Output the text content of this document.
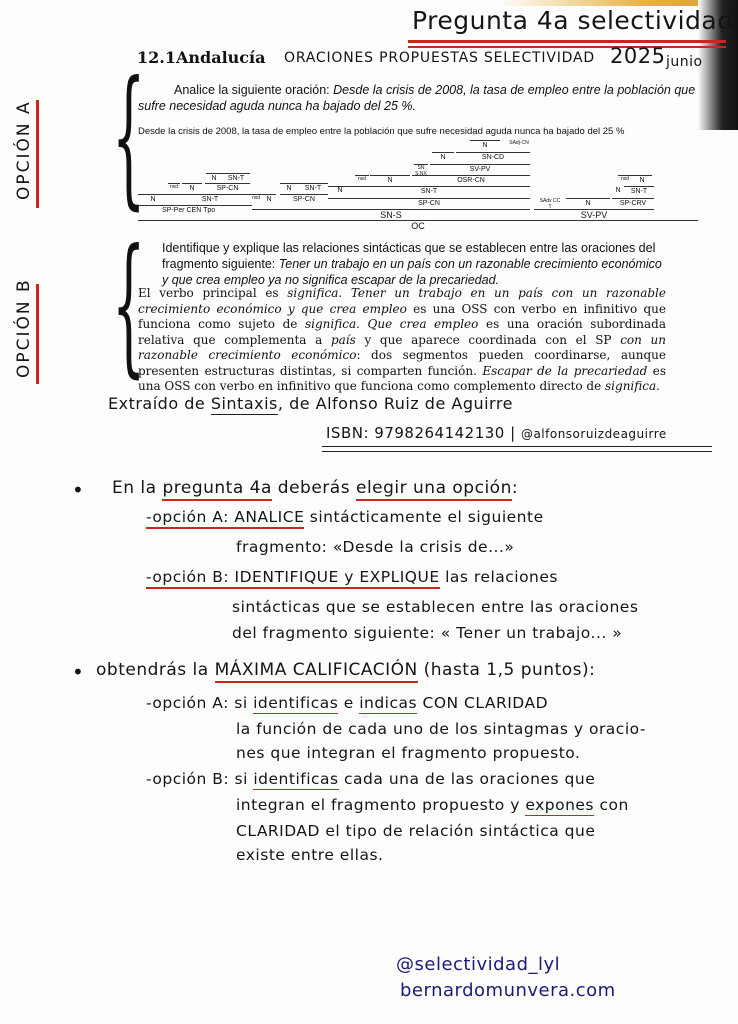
Pregunta 4a selectividad
12.1Andalucía ORACIONES PROPUESTAS SELECTIVIDAD 2025 junio
OPCIÓN A
OPCIÓN B
{
{
Analice la siguiente oración: Desde la crisis de 2008, la tasa de empleo entre la población que sufre necesidad aguda nunca ha bajado del 25 %.
Desde la crisis de 2008, la tasa de empleo entre la población que sufre necesidad aguda nunca ha bajado del 25 %
N	SN-T
nxd	N	SP-CN
N	SN-T
SP-Per CEN Tpo
N	SN-T	N
nxd N	SP-CN
N	SAdj-CN
N	SN-CD
SN S.NX
SV-PV
nxd	N	OSR-CN
SN-T
SP-CN
SN-S
OC
SAdv CC T	N
nxd	N
N	SN-T
SP-CRV
SV-PV
Identifique y explique las relaciones sintácticas que se establecen entre las oraciones del fragmento siguiente: Tener un trabajo en un país con un razonable crecimiento económico y que crea empleo ya no significa escapar de la precariedad.
El verbo principal es significa. Tener un trabajo en un país con un razonable crecimiento económico y que crea empleo es una OSS con verbo en infinitivo que funciona como sujeto de significa. Que crea empleo es una oración subordinada relativa que complementa a país y que aparece coordinada con el SP con un razonable crecimiento económico: dos segmentos pueden coordinarse, aunque presenten estructuras distintas, si comparten función. Escapar de la precariedad es una OSS con verbo en infinitivo que funciona como complemento directo de significa.
Extraído de Sintaxis, de Alfonso Ruiz de Aguirre
ISBN: 9798264142130 | @alfonsoruizdeaguirre
• En la pregunta 4a deberás elegir una opción:
-opción A: ANALICE sintácticamente el siguiente
fragmento: «Desde la crisis de...»
-opción B: IDENTIFIQUE y EXPLIQUE las relaciones
sintácticas que se establecen entre las oraciones
del fragmento siguiente: « Tener un trabajo... »
• obtendrás la MÁXIMA CALIFICACIÓN (hasta 1,5 puntos):
-opción A: si identificas e indicas CON CLARIDAD
la función de cada uno de los sintagmas y oracio-
nes que integran el fragmento propuesto.
-opción B: si identificas cada una de las oraciones que
integran el fragmento propuesto y expones con
CLARIDAD el tipo de relación sintáctica que
existe entre ellas.
@selectividad_lyl
bernardomunvera.com
